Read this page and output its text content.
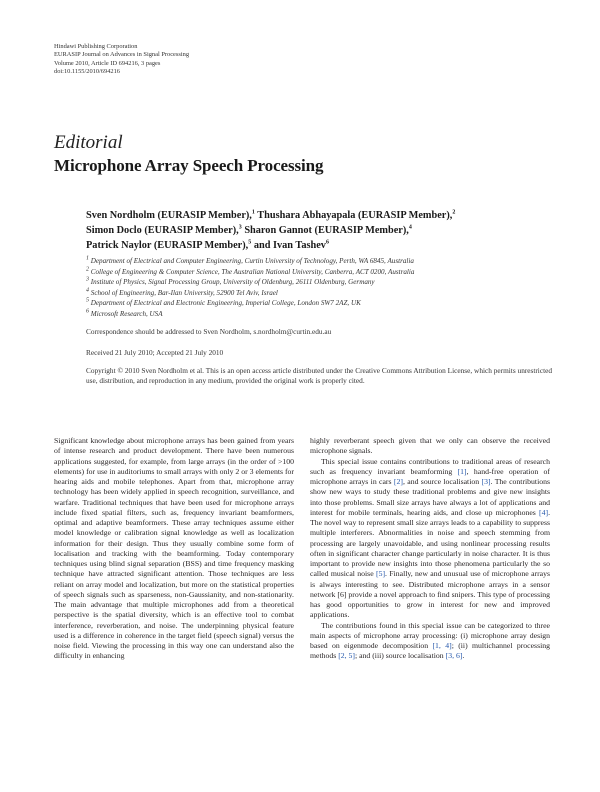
Hindawi Publishing Corporation
EURASIP Journal on Advances in Signal Processing
Volume 2010, Article ID 694216, 3 pages
doi:10.1155/2010/694216
Editorial
Microphone Array Speech Processing
Sven Nordholm (EURASIP Member),$^1$ Thushara Abhayapala (EURASIP Member),$^2$
Simon Doclo (EURASIP Member),$^3$ Sharon Gannot (EURASIP Member),$^4$
Patrick Naylor (EURASIP Member),$^5$ and Ivan Tashev$^6$
$^1$ Department of Electrical and Computer Engineering, Curtin University of Technology, Perth, WA 6845, Australia
$^2$ College of Engineering & Computer Science, The Australian National University, Canberra, ACT 0200, Australia
$^3$ Institute of Physics, Signal Processing Group, University of Oldenburg, 26111 Oldenburg, Germany
$^4$ School of Engineering, Bar-Ilan University, 52900 Tel Aviv, Israel
$^5$ Department of Electrical and Electronic Engineering, Imperial College, London SW7 2AZ, UK
$^6$ Microsoft Research, USA
Correspondence should be addressed to Sven Nordholm, s.nordholm@curtin.edu.au
Received 21 July 2010; Accepted 21 July 2010
Copyright © 2010 Sven Nordholm et al. This is an open access article distributed under the Creative Commons Attribution License, which permits unrestricted use, distribution, and reproduction in any medium, provided the original work is properly cited.

Significant knowledge about microphone arrays has been gained from years of intense research and product development. There have been numerous applications suggested, for example, from large arrays (in the order of >100 elements) for use in auditoriums to small arrays with only 2 or 3 elements for hearing aids and mobile telephones. Apart from that, microphone array technology has been widely applied in speech recognition, surveillance, and warfare. Traditional techniques that have been used for microphone arrays include fixed spatial filters, such as, frequency invariant beamformers, optimal and adaptive beamformers. These array techniques assume either model knowledge or calibration signal knowledge as well as localization information for their design. Thus they usually combine some form of localisation and tracking with the beamforming. Today contemporary techniques using blind signal separation (BSS) and time frequency masking technique have attracted significant attention. Those techniques are less reliant on array model and localization, but more on the statistical properties of speech signals such as sparseness, non-Gaussianity, and non-stationarity. The main advantage that multiple microphones add from a theoretical perspective is the spatial diversity, which is an effective tool to combat interference, reverberation, and noise. The underpinning physical feature used is a difference in coherence in the target field (speech signal) versus the noise field. Viewing the processing in this way one can understand also the difficulty in enhancing

highly reverberant speech given that we only can observe the received microphone signals.

This special issue contains contributions to traditional areas of research such as frequency invariant beamforming [1], hand-free operation of microphone arrays in cars [2], and source localisation [3]. The contributions show new ways to study these traditional problems and give new insights into those problems. Small size arrays have always a lot of applications and interest for mobile terminals, hearing aids, and close up microphones [4]. The novel way to represent small size arrays leads to a capability to suppress multiple interferers. Abnormalities in noise and speech stemming from processing are largely unavoidable, and using nonlinear processing results often in significant character change particularly in noise character. It is thus important to provide new insights into those phenomena particularly the so called musical noise [5]. Finally, new and unusual use of microphone arrays is always interesting to see. Distributed microphone arrays in a sensor network [6] provide a novel approach to find snipers. This type of processing has good opportunities to grow in interest for new and improved applications.

The contributions found in this special issue can be categorized to three main aspects of microphone array processing: (i) microphone array design based on eigenmode decomposition [1, 4]; (ii) multichannel processing methods [2, 5]; and (iii) source localisation [3, 6].
